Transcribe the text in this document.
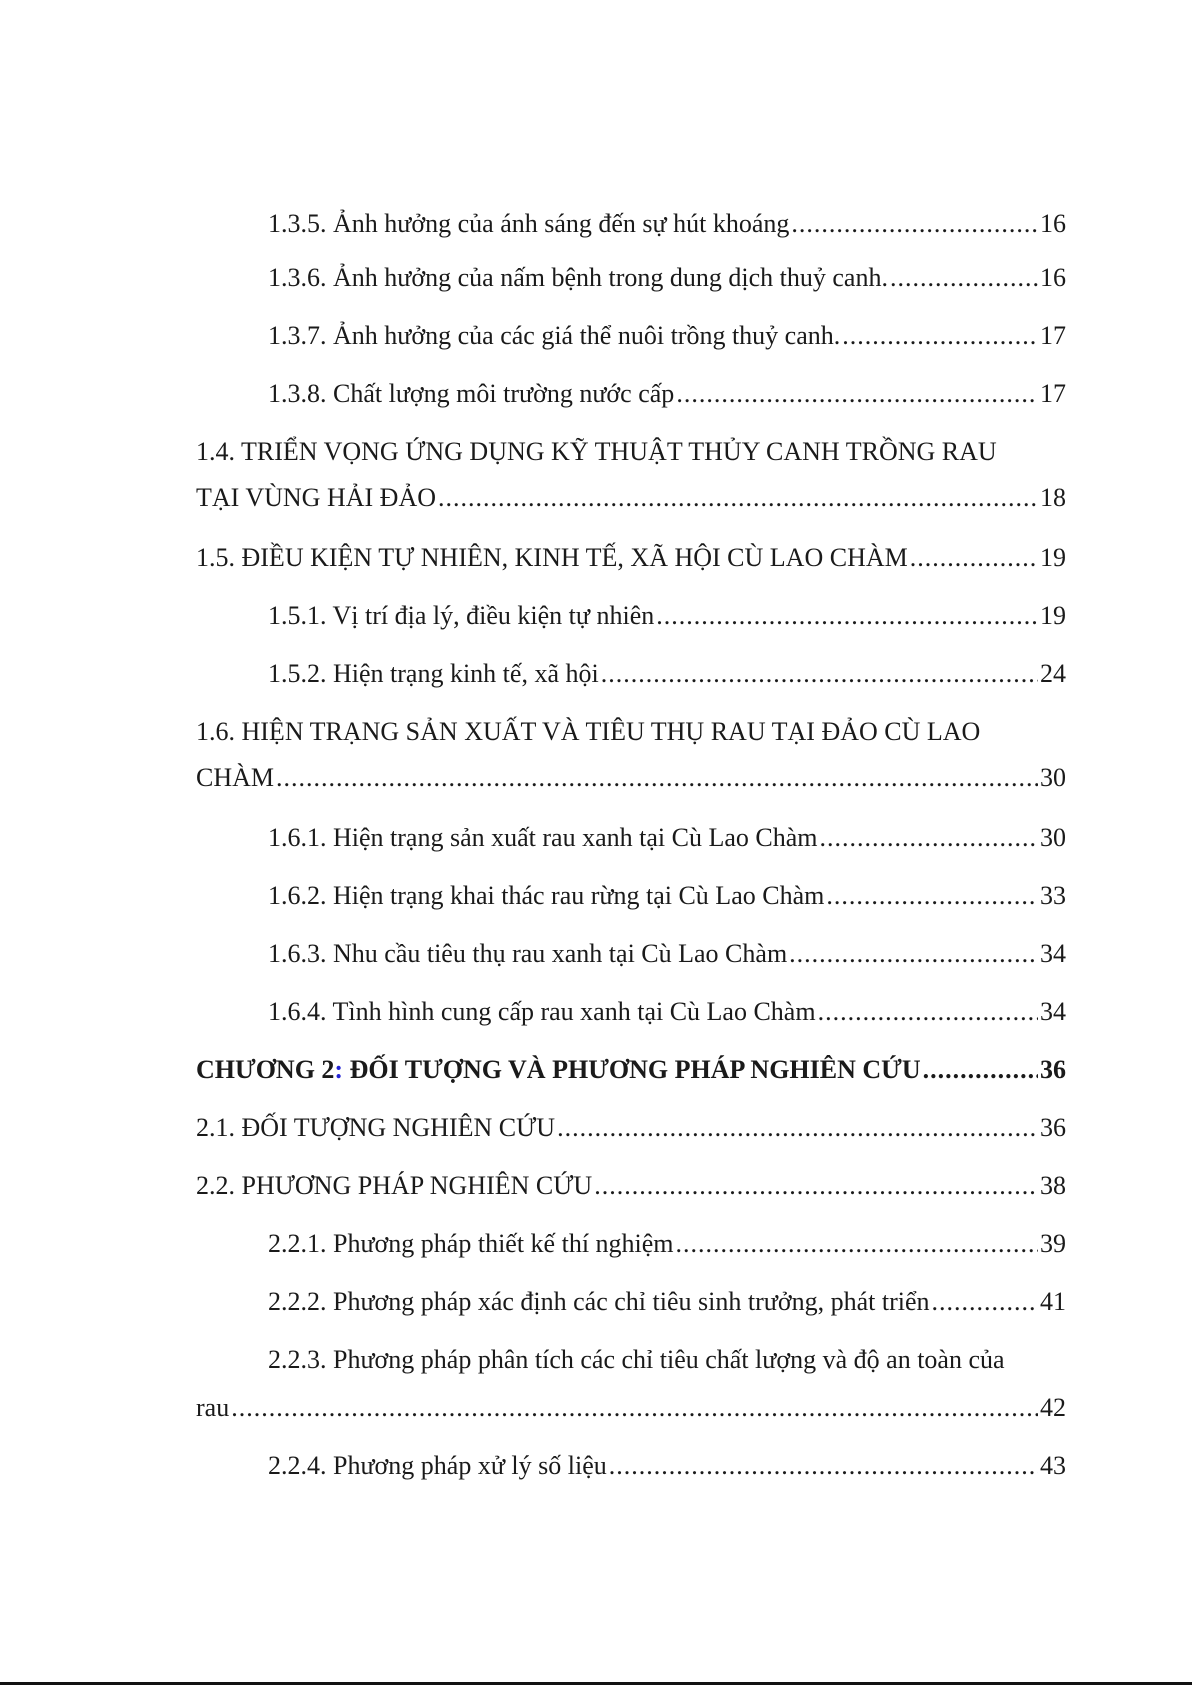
1.3.5. Ảnh hưởng của ánh sáng đến sự hút khoáng .....	16
1.3.6. Ảnh hưởng của nấm bệnh trong dung dịch thuỷ canh. .....	16
1.3.7. Ảnh hưởng của các giá thể nuôi trồng thuỷ canh. .....	17
1.3.8. Chất lượng môi trường nước cấp .....	17
1.4. TRIỂN VỌNG ỨNG DỤNG KỸ THUẬT THỦY CANH TRỒNG RAU
TẠI VÙNG HẢI ĐẢO .....	18
1.5. ĐIỀU KIỆN TỰ NHIÊN, KINH TẾ, XÃ HỘI CÙ LAO CHÀM .....	19
1.5.1. Vị trí địa lý, điều kiện tự nhiên .....	19
1.5.2. Hiện trạng kinh tế, xã hội .....	24
1.6. HIỆN TRẠNG SẢN XUẤT VÀ TIÊU THỤ RAU TẠI ĐẢO CÙ LAO
CHÀM .....	30
1.6.1. Hiện trạng sản xuất rau xanh tại Cù Lao Chàm .....	30
1.6.2. Hiện trạng khai thác rau rừng tại Cù Lao Chàm .....	33
1.6.3. Nhu cầu tiêu thụ rau xanh tại Cù Lao Chàm .....	34
1.6.4. Tình hình cung cấp rau xanh tại Cù Lao Chàm .....	34
CHƯƠNG 2: ĐỐI TƯỢNG VÀ PHƯƠNG PHÁP NGHIÊN CỨU .....	36
2.1. ĐỐI TƯỢNG NGHIÊN CỨU .....	36
2.2. PHƯƠNG PHÁP NGHIÊN CỨU .....	38
2.2.1. Phương pháp thiết kế thí nghiệm .....	39
2.2.2. Phương pháp xác định các chỉ tiêu sinh trưởng, phát triển .....	41
2.2.3. Phương pháp phân tích các chỉ tiêu chất lượng và độ an toàn của
rau .....	42
2.2.4. Phương pháp xử lý số liệu .....	43
